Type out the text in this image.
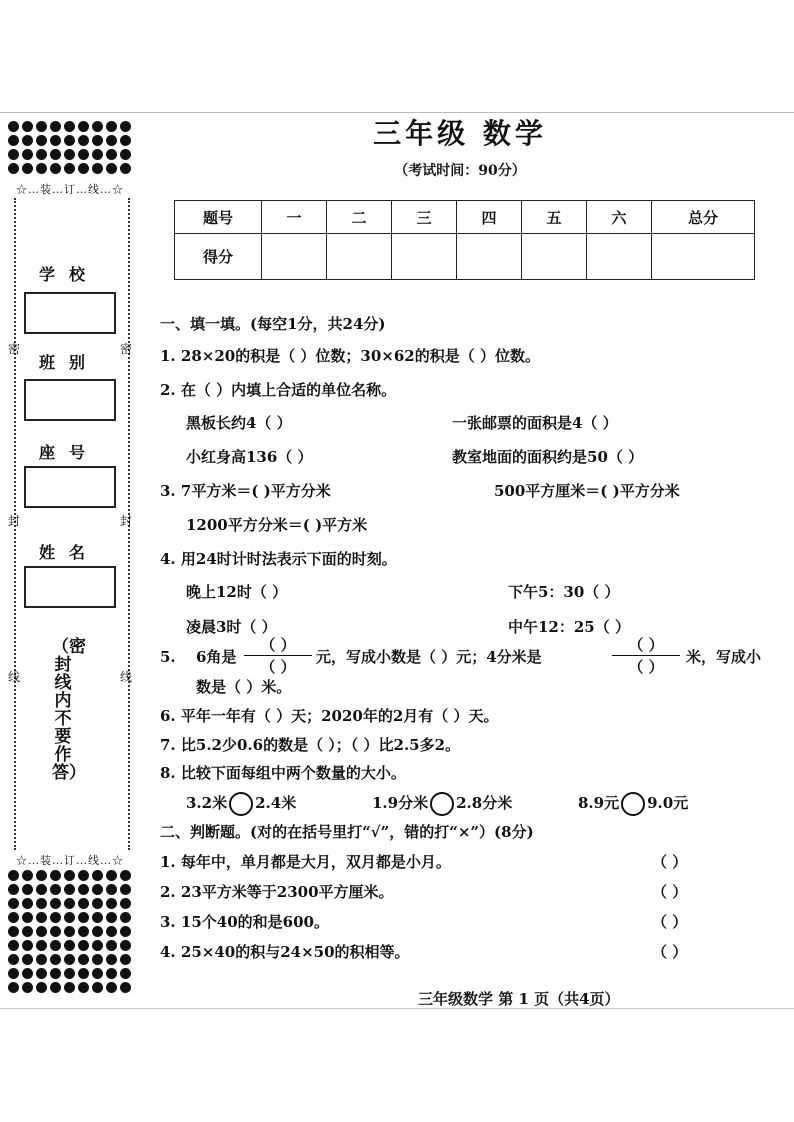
☆…装…订…线…☆
学校
班别
座号
姓名
密	密
封	封
线	线
（密封线内不要作答）
☆…装…订…线…☆
三年级 数学
（考试时间：90分）
题号	一	二	三	四	五	六	总分
得分							
一、填一填。(每空1分，共24分)
1. 28×20的积是（ ）位数；30×62的积是（ ）位数。
2. 在（ ）内填上合适的单位名称。
黑板长约4（ ）	一张邮票的面积是4（ ）
小红身高136（ ）	教室地面的面积约是50（ ）
3. 7平方米＝( )平方分米	500平方厘米＝( )平方分米
1200平方分米＝( )平方米
4. 用24时计时法表示下面的时刻。
晚上12时（ ）	下午5：30（ ）
凌晨3时（ ）	中午12：25（ ）
5. 6角是
（ ）
（ ）
元，写成小数是（ ）元；4分米是
（ ）
（ ）
米，写成小
数是（ ）米。
6. 平年一年有（ ）天；2020年的2月有（ ）天。
7. 比5.2少0.6的数是（ ）；（ ）比2.5多2。
8. 比较下面每组中两个数量的大小。
3.2米 2.4米	1.9分米 2.8分米	8.9元 9.0元
二、判断题。(对的在括号里打“√”，错的打“×”）(8分)
1. 每年中，单月都是大月，双月都是小月。	（ ）
2. 23平方米等于2300平方厘米。	（ ）
3. 15个40的和是600。	（ ）
4. 25×40的积与24×50的积相等。	（ ）
三年级数学 第 1 页（共4页）
